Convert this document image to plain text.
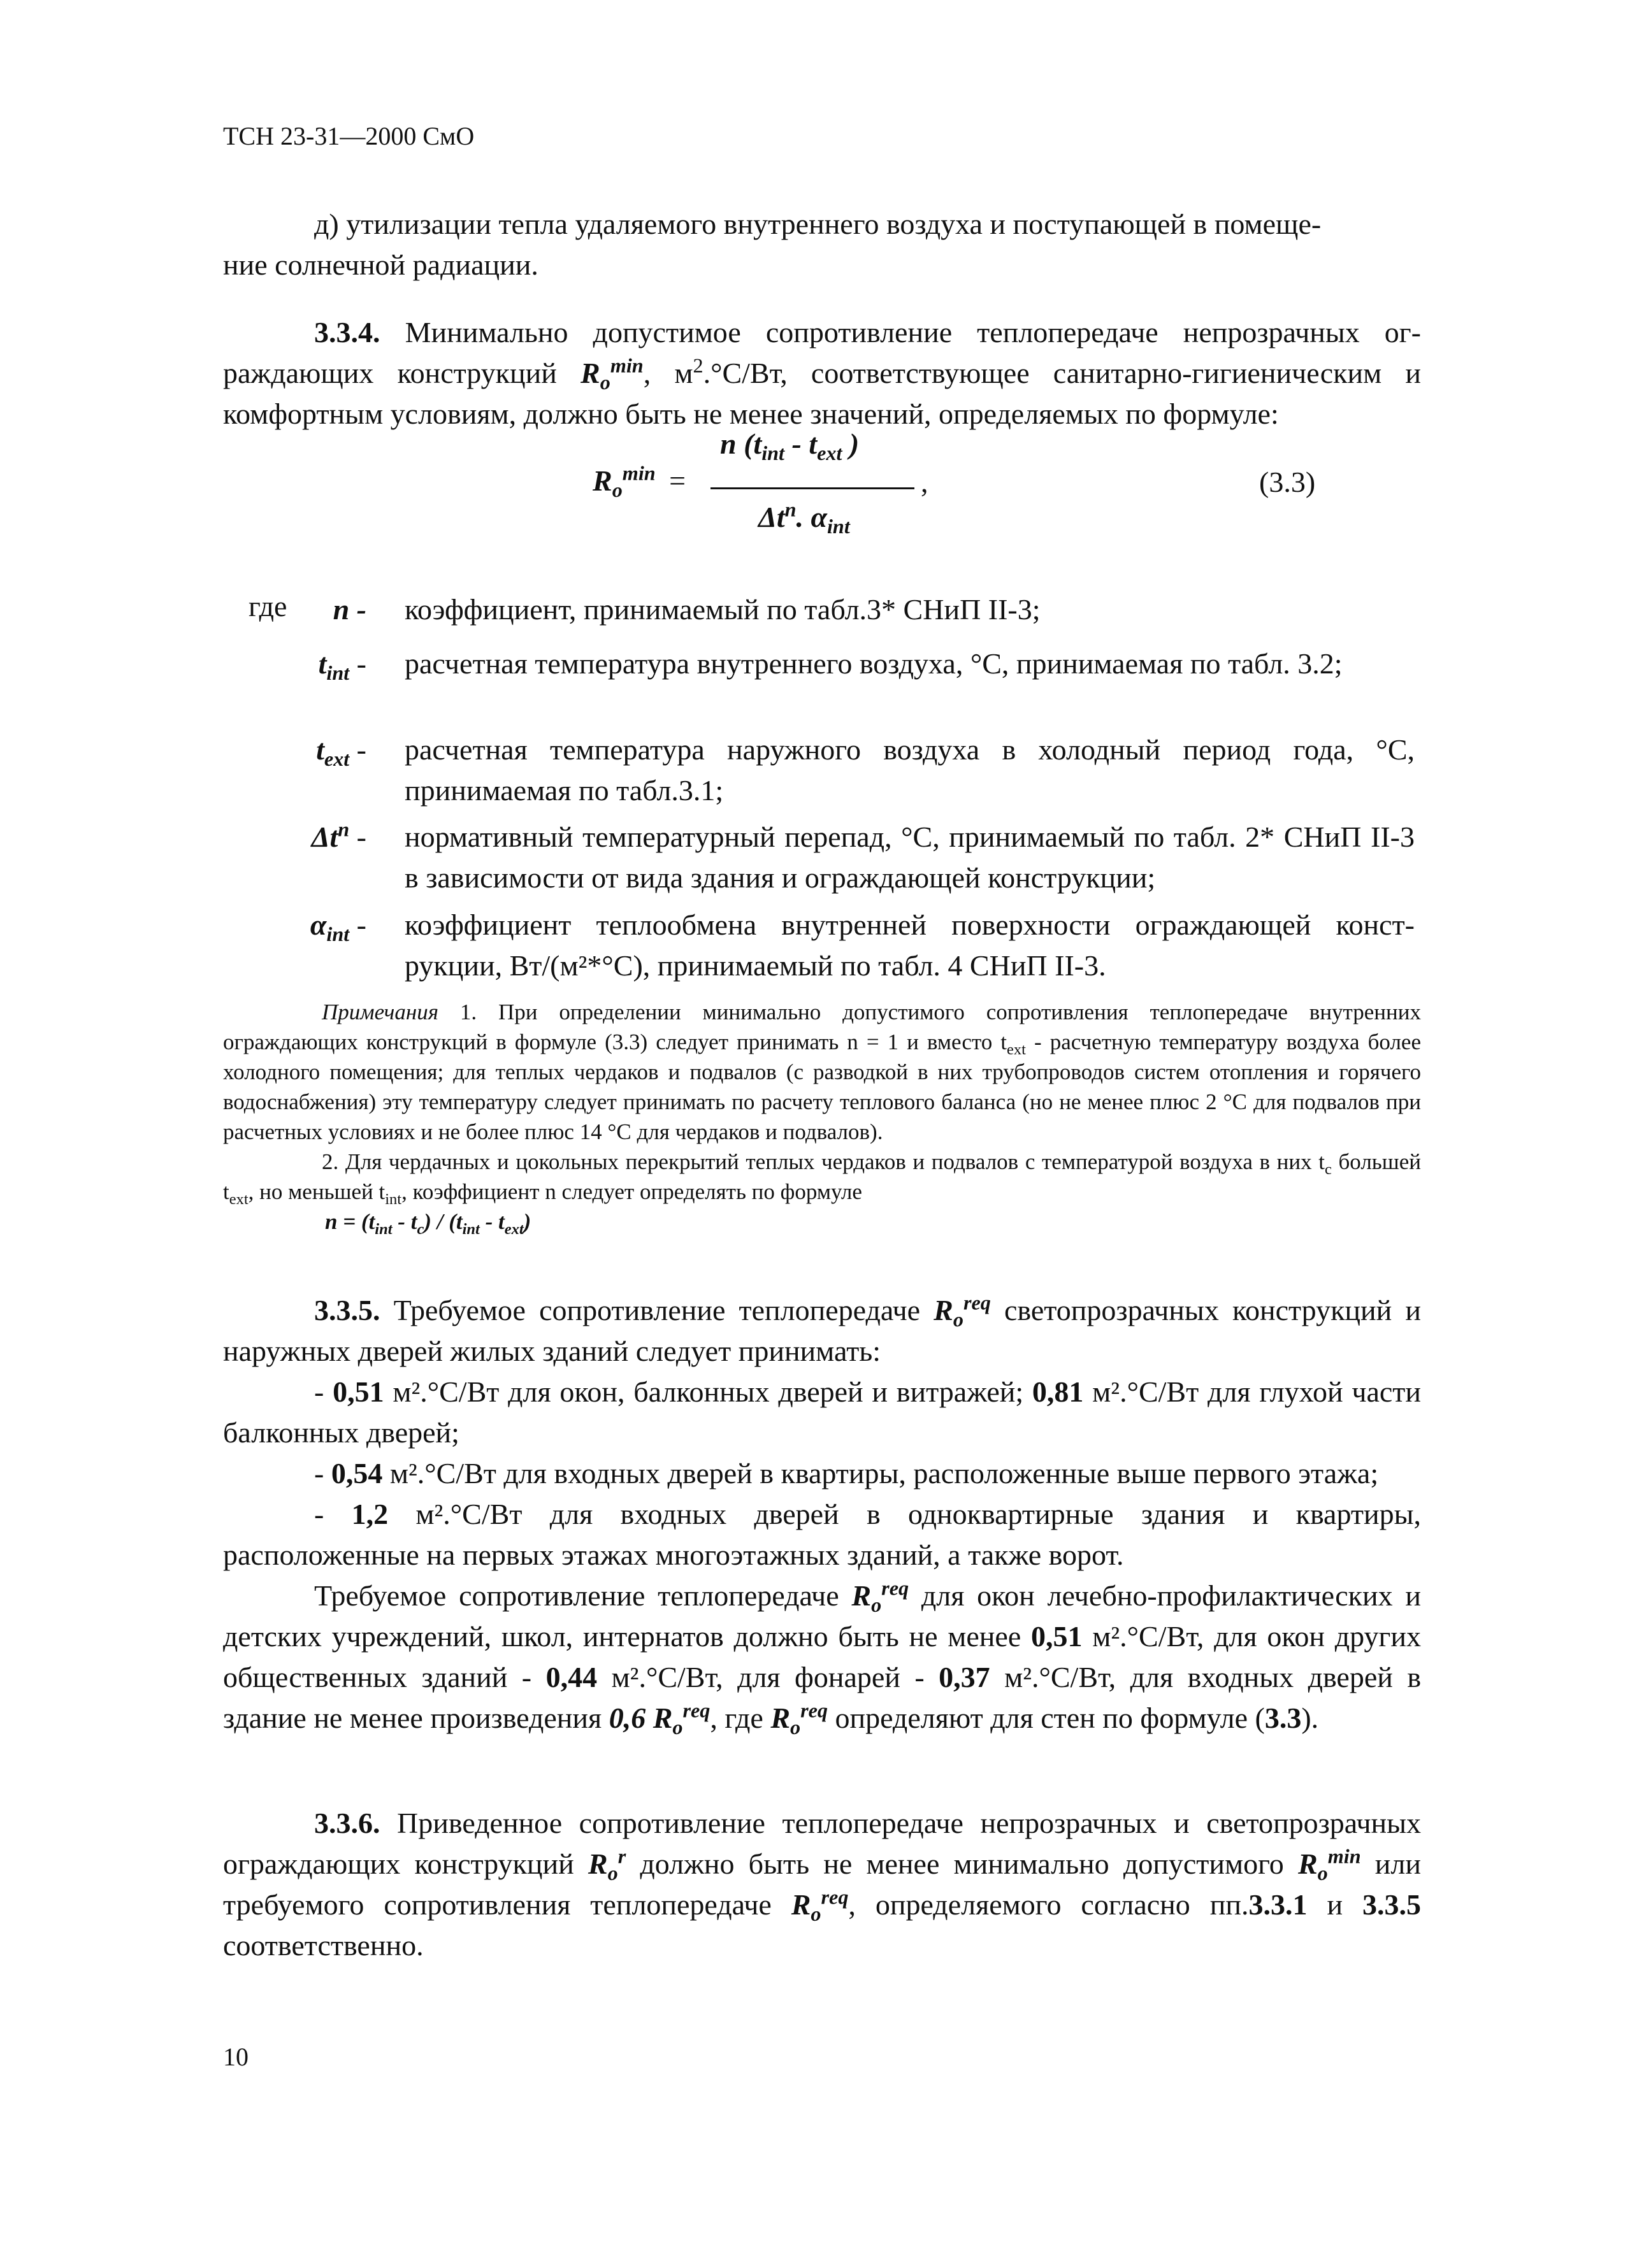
ТСН 23-31—2000 СмО
д) утилизации тепла удаляемого внутреннего воздуха и поступающей в помеще-
ние солнечной радиации.
3.3.4. Минимально допустимое сопротивление теплопередаче непрозрачных ог- раждающих конструкций $R_o^{min}$, $м^2.^\circ С/Вт$, соответствующее санитарно-гигиеническим и комфортным условиям, должно быть не менее значений, определяемых по формуле:
n ($t_{int} - t_{ext}$ )
$R_o^{min}$ =	,
$\Delta t^n$. $\alpha_{int}$
(3.3)
где	n - коэффициент, принимаемый по табл.3* СНиП II-3;
$t_{int}$ - расчетная температура внутреннего воздуха, °С, принимаемая по табл. 3.2;
$t_{ext}$ - расчетная температура наружного воздуха в холодный период года, °С, принимаемая по табл.3.1;
$\Delta t^n$ - нормативный температурный перепад, °С, принимаемый по табл. 2* СНиП II-3 в зависимости от вида здания и ограждающей конструкции;
$\alpha_{int}$ - коэффициент теплообмена внутренней поверхности ограждающей конст-рукции, Вт/(м²*°С), принимаемый по табл. 4 СНиП II-3.
Примечания 1. При определении минимально допустимого сопротивления теплопередаче внутренних ограждающих конструкций в формуле (3.3) следует принимать n = 1 и вместо $t_{ext}$ - расчетную температуру воздуха более холодного помещения; для теплых чердаков и подвалов (с разводкой в них трубопроводов систем отопления и горячего водоснабжения) эту температуру следует принимать по расчету теплового баланса (но не менее плюс 2 °С для подвалов при расчетных условиях и не более плюс 14 °С для чердаков и подвалов).
2. Для чердачных и цокольных перекрытий теплых чердаков и подвалов с температурой воздуха в них $t_c$ большей $t_{ext}$, но меньшей $t_{int}$, коэффициент n следует определять по формуле
$n = (t_{int} - t_c) / (t_{int} - t_{ext})$
3.3.5. Требуемое сопротивление теплопередаче $R_o^{req}$ светопрозрачных конструкций и наружных дверей жилых зданий следует принимать:
- 0,51 м².°С/Вт для окон, балконных дверей и витражей; 0,81 м².°С/Вт для глухой части балконных дверей;
- 0,54 м².°С/Вт для входных дверей в квартиры, расположенные выше первого этажа;
- 1,2 м².°С/Вт для входных дверей в одноквартирные здания и квартиры, расположенные на первых этажах многоэтажных зданий, а также ворот.
Требуемое сопротивление теплопередаче $R_o^{req}$ для окон лечебно-профилактических и детских учреждений, школ, интернатов должно быть не менее 0,51 м².°С/Вт, для окон других общественных зданий - 0,44 м².°С/Вт, для фонарей - 0,37 м².°С/Вт, для входных дверей в здание не менее произведения 0,6 $R_o^{req}$, где $R_o^{req}$ определяют для стен по формуле (3.3).
3.3.6. Приведенное сопротивление теплопередаче непрозрачных и светопрозрачных ограждающих конструкций $R_o^r$ должно быть не менее минимально допустимого $R_o^{min}$ или требуемого сопротивления теплопередаче $R_o^{req}$, определяемого согласно пп.3.3.1 и 3.3.5 соответственно.
10
